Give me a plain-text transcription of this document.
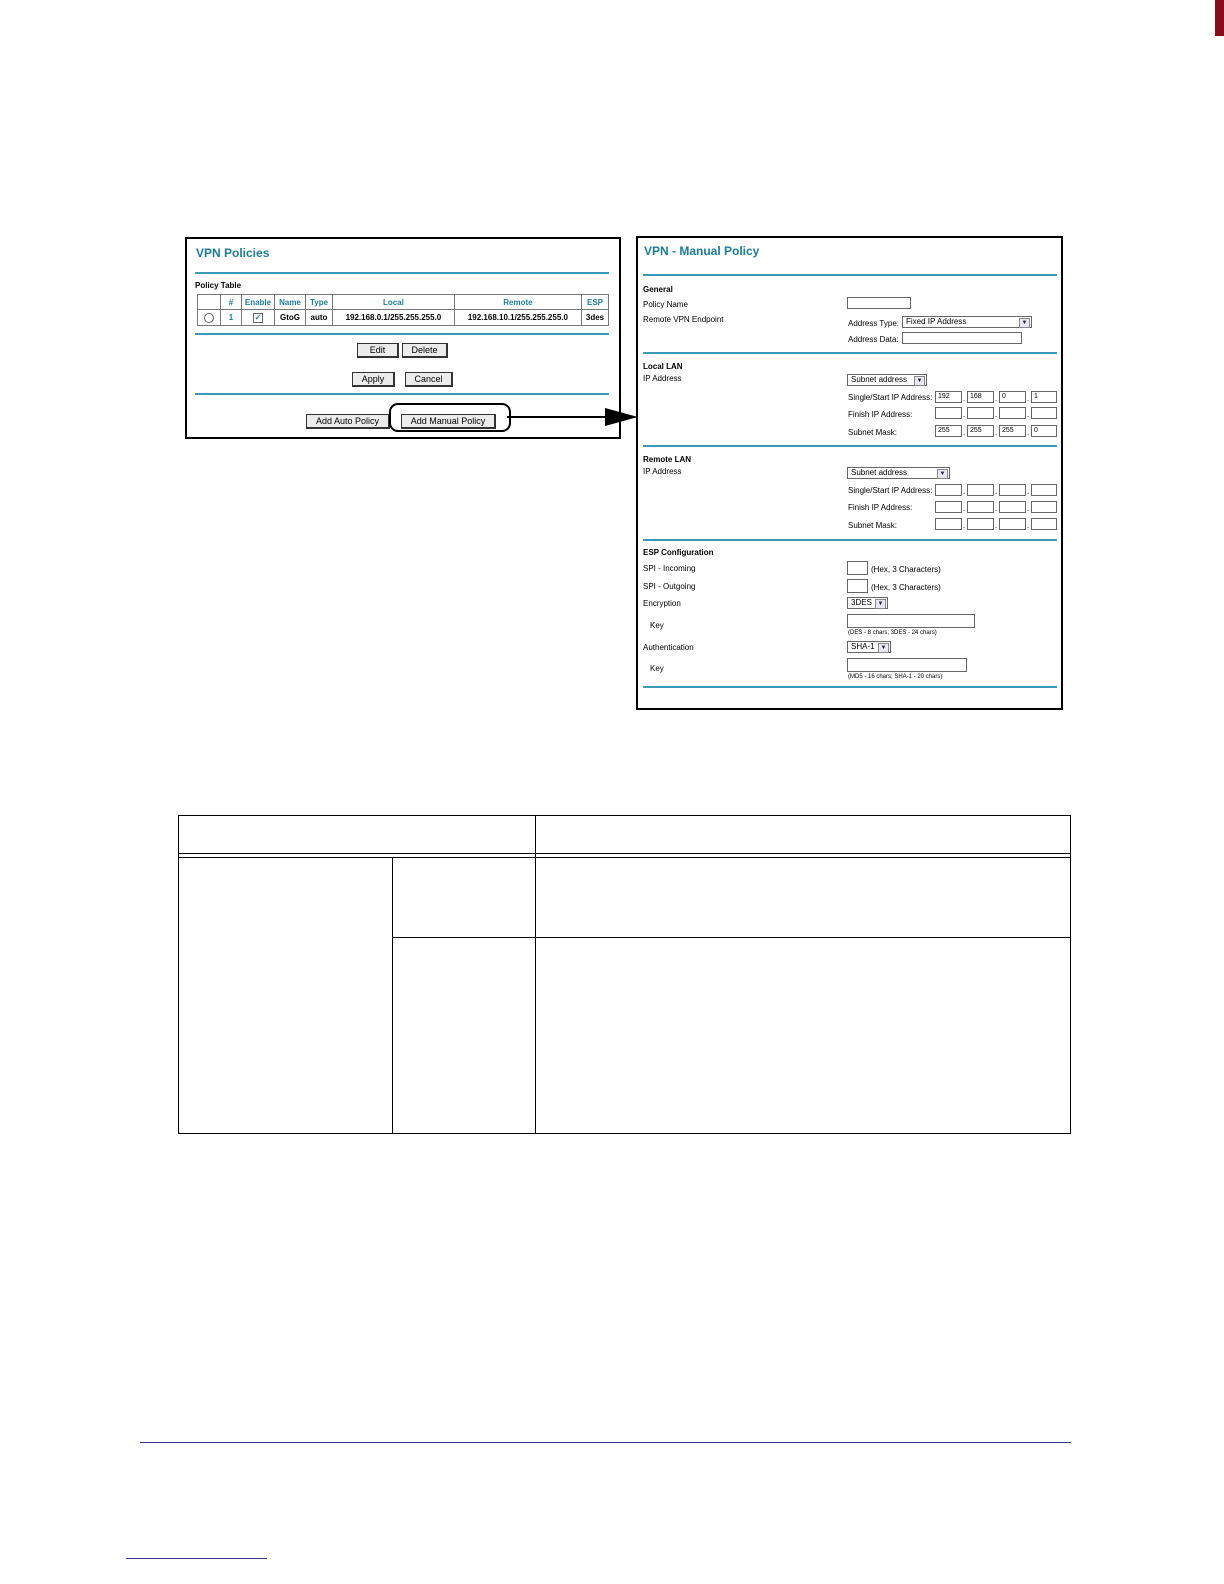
VPN Policies
Policy Table
	#	Enable	Name	Type	Local	Remote	ESP
	1	✓	GtoG	auto	192.168.0.1/255.255.255.0	192.168.10.1/255.255.255.0	3des
Edit	Delete
Apply	Cancel
Add Auto Policy	Add Manual Policy
VPN - Manual Policy
General
Policy Name
Remote VPN Endpoint	Address Type: Fixed IP Address	▼
Address Data:
Local LAN
IP Address	Subnet address	▼
Single/Start IP Address: 192	. 168	. 0	. 1
Finish IP Address:	.	.	.
Subnet Mask:	255	. 255	. 255	. 0
Remote LAN
IP Address	Subnet address	▼
Single/Start IP Address:	.	.	.
Finish IP Address:	.	.	.
Subnet Mask:	.	.	.
ESP Configuration
SPI - Incoming	(Hex, 3 Characters)
SPI - Outgoing	(Hex, 3 Characters)
Encryption	3DES ▼
Key
(DES - 8 chars; 3DES - 24 chars)
Authentication	SHA-1 ▼
Key
(MD5 - 16 chars; SHA-1 - 20 chars)
